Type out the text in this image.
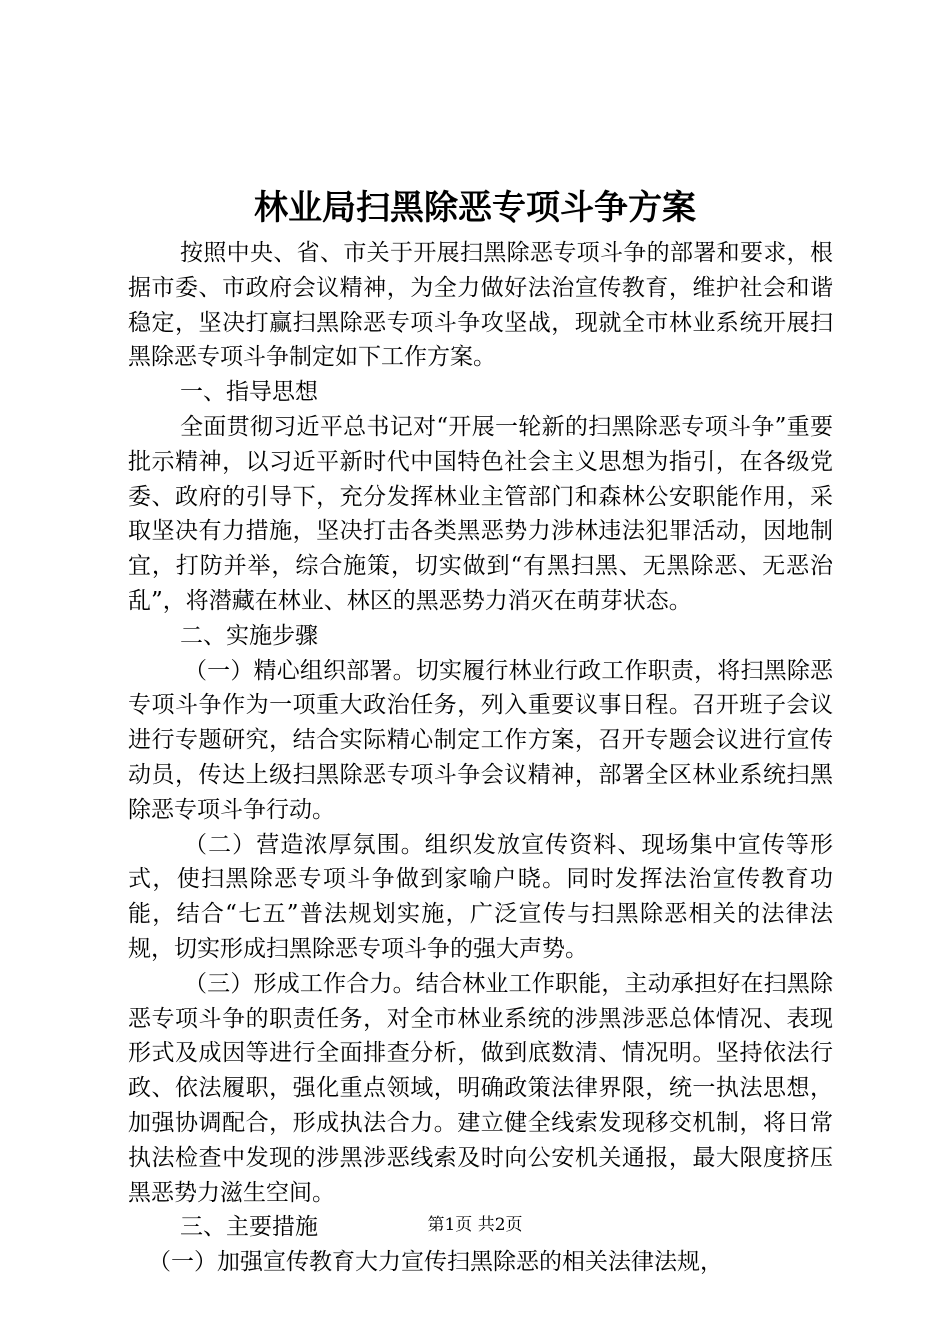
林业局扫黑除恶专项斗争方案

按照中央、省、市关于开展扫黑除恶专项斗争的部署和要求，根据市委、市政府会议精神，为全力做好法治宣传教育，维护社会和谐稳定，坚决打赢扫黑除恶专项斗争攻坚战，现就全市林业系统开展扫黑除恶专项斗争制定如下工作方案。

一、指导思想

全面贯彻习近平总书记对“开展一轮新的扫黑除恶专项斗争”重要批示精神，以习近平新时代中国特色社会主义思想为指引，在各级党委、政府的引导下，充分发挥林业主管部门和森林公安职能作用，采取坚决有力措施，坚决打击各类黑恶势力涉林违法犯罪活动，因地制宜，打防并举，综合施策，切实做到“有黑扫黑、无黑除恶、无恶治乱”，将潜藏在林业、林区的黑恶势力消灭在萌芽状态。

二、实施步骤

（一）精心组织部署。切实履行林业行政工作职责，将扫黑除恶专项斗争作为一项重大政治任务，列入重要议事日程。召开班子会议进行专题研究，结合实际精心制定工作方案，召开专题会议进行宣传动员，传达上级扫黑除恶专项斗争会议精神，部署全区林业系统扫黑除恶专项斗争行动。

（二）营造浓厚氛围。组织发放宣传资料、现场集中宣传等形式，使扫黑除恶专项斗争做到家喻户晓。同时发挥法治宣传教育功能，结合“七五”普法规划实施，广泛宣传与扫黑除恶相关的法律法规，切实形成扫黑除恶专项斗争的强大声势。

（三）形成工作合力。结合林业工作职能，主动承担好在扫黑除恶专项斗争的职责任务，对全市林业系统的涉黑涉恶总体情况、表现形式及成因等进行全面排查分析，做到底数清、情况明。坚持依法行政、依法履职，强化重点领域，明确政策法律界限，统一执法思想，加强协调配合，形成执法合力。建立健全线索发现移交机制，将日常执法检查中发现的涉黑涉恶线索及时向公安机关通报，最大限度挤压黑恶势力滋生空间。

三、主要措施

（一）加强宣传教育大力宣传扫黑除恶的相关法律法规，

第1页 共2页
